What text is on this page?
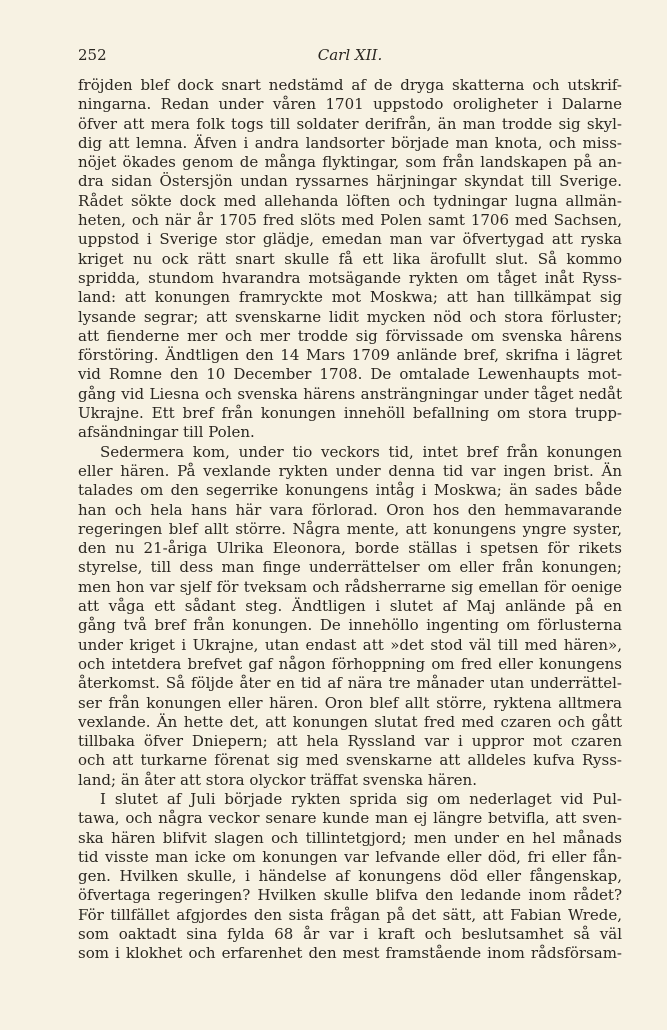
252	Carl XII.
fröjden blef dock snart nedstämd af de dryga skatterna och utskrif-
ningarna. Redan under våren 1701 uppstodo oroligheter i Dalarne
öfver att mera folk togs till soldater derifrån, än man trodde sig skyl-
dig att lemna. Äfven i andra landsorter började man knota, och miss-
nöjet ökades genom de många flyktingar, som från landskapen på an-
dra sidan Östersjön undan ryssarnes härjningar skyndat till Sverige.
Rådet sökte dock med allehanda löften och tydningar lugna allmän-
heten, och när år 1705 fred slöts med Polen samt 1706 med Sachsen,
uppstod i Sverige stor glädje, emedan man var öfvertygad att ryska
kriget nu ock rätt snart skulle få ett lika ärofullt slut. Så kommo
spridda, stundom hvarandra motsägande rykten om tåget inåt Ryss-
land: att konungen framryckte mot Moskwa; att han tillkämpat sig
lysande segrar; att svenskarne lidit mycken nöd och stora förluster;
att fienderne mer och mer trodde sig förvissade om svenska hârens
förstöring. Ändtligen den 14 Mars 1709 anlände bref, skrifna i lägret
vid Romne den 10 December 1708. De omtalade Lewenhaupts mot-
gång vid Liesna och svenska härens ansträngningar under tåget nedåt
Ukrajne. Ett bref från konungen innehöll befallning om stora trupp-
afsändningar till Polen.
Sedermera kom, under tio veckors tid, intet bref från konungen
eller hären. På vexlande rykten under denna tid var ingen brist. Än
talades om den segerrike konungens intåg i Moskwa; än sades både
han och hela hans här vara förlorad. Oron hos den hemmavarande
regeringen blef allt större. Några mente, att konungens yngre syster,
den nu 21-åriga Ulrika Eleonora, borde ställas i spetsen för rikets
styrelse, till dess man finge underrättelser om eller från konungen;
men hon var sjelf för tveksam och rådsherrarne sig emellan för oenige
att våga ett sådant steg. Ändtligen i slutet af Maj anlände på en
gång två bref från konungen. De innehöllo ingenting om förlusterna
under kriget i Ukrajne, utan endast att »det stod väl till med hären»,
och intetdera brefvet gaf någon förhoppning om fred eller konungens
återkomst. Så följde åter en tid af nära tre månader utan underrättel-
ser från konungen eller hären. Oron blef allt större, ryktena alltmera
vexlande. Än hette det, att konungen slutat fred med czaren och gått
tillbaka öfver Dniepern; att hela Ryssland var i uppror mot czaren
och att turkarne förenat sig med svenskarne att alldeles kufva Ryss-
land; än åter att stora olyckor träffat svenska hären.
I slutet af Juli började rykten sprida sig om nederlaget vid Pul-
tawa, och några veckor senare kunde man ej längre betvifla, att sven-
ska hären blifvit slagen och tillintetgjord; men under en hel månads
tid visste man icke om konungen var lefvande eller död, fri eller fån-
gen. Hvilken skulle, i händelse af konungens död eller fångenskap,
öfvertaga regeringen? Hvilken skulle blifva den ledande inom rådet?
För tillfället afgjordes den sista frågan på det sätt, att Fabian Wrede,
som oaktadt sina fylda 68 år var i kraft och beslutsamhet så väl
som i klokhet och erfarenhet den mest framstående inom rådsförsam-
